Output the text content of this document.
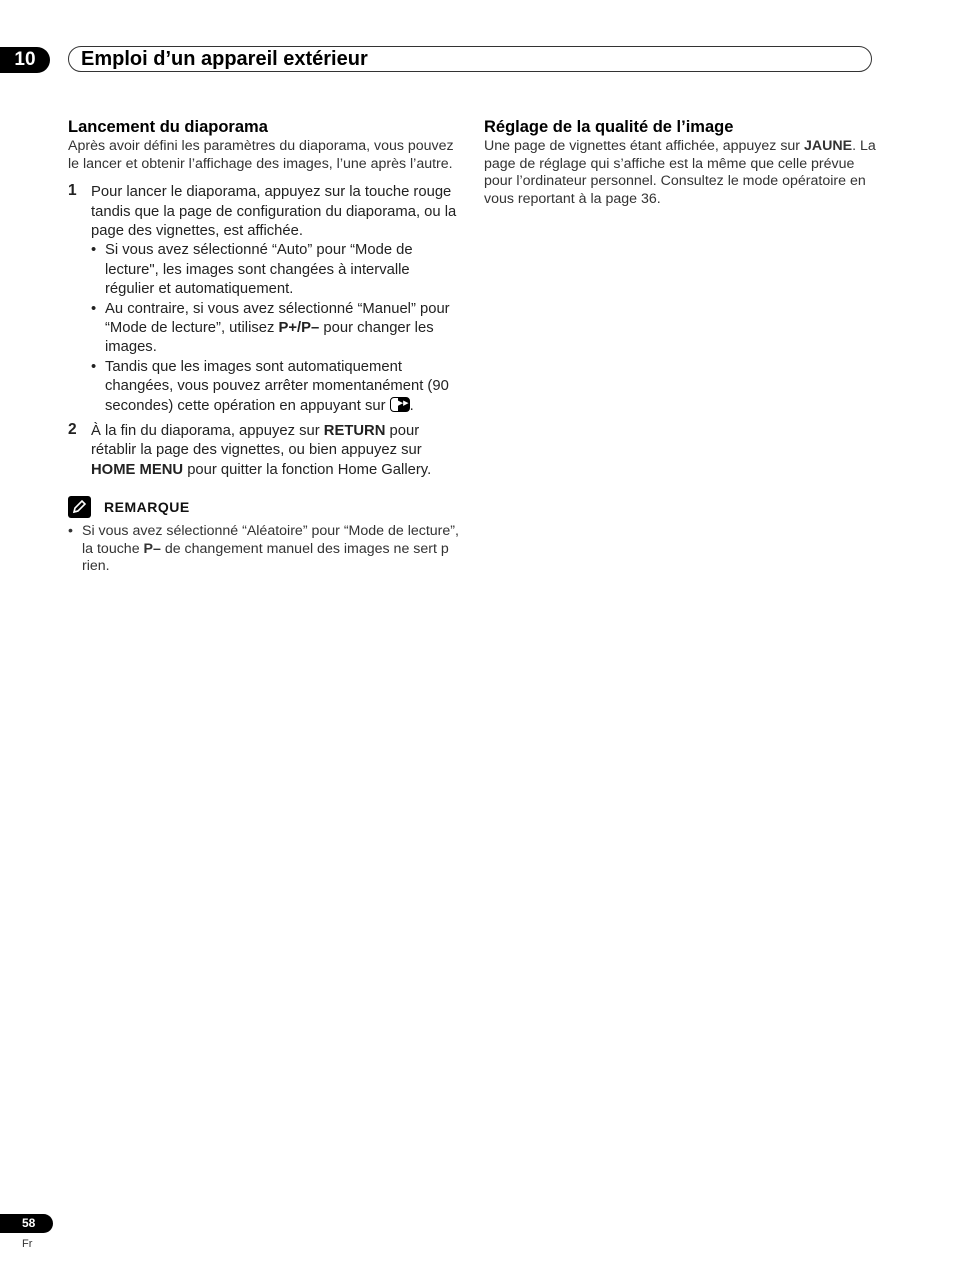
10	Emploi d’un appareil extérieur
Lancement du diaporama

Après avoir défini les paramètres du diaporama, vous pouvez le lancer et obtenir l’affichage des images, l’une après l’autre.

1 Pour lancer le diaporama, appuyez sur la touche rouge tandis que la page de configuration du diaporama, ou la page des vignettes, est affichée.
• Si vous avez sélectionné “Auto” pour “Mode de lecture", les images sont changées à intervalle régulier et automatiquement.
• Au contraire, si vous avez sélectionné “Manuel” pour “Mode de lecture”, utilisez P+/P– pour changer les images.
• Tandis que les images sont automatiquement changées, vous pouvez arrêter momentanément (90 secondes) cette opération en appuyant sur ▶▶ .
2 À la fin du diaporama, appuyez sur RETURN pour rétablir la page des vignettes, ou bien appuyez sur HOME MENU pour quitter la fonction Home Gallery.
REMARQUE
• Si vous avez sélectionné “Aléatoire” pour “Mode de lecture”, la touche P– de changement manuel des images ne sert p rien.
Réglage de la qualité de l’image

Une page de vignettes étant affichée, appuyez sur JAUNE. La page de réglage qui s’affiche est la même que celle prévue pour l’ordinateur personnel. Consultez le mode opératoire en vous reportant à la page 36.

58
Fr
